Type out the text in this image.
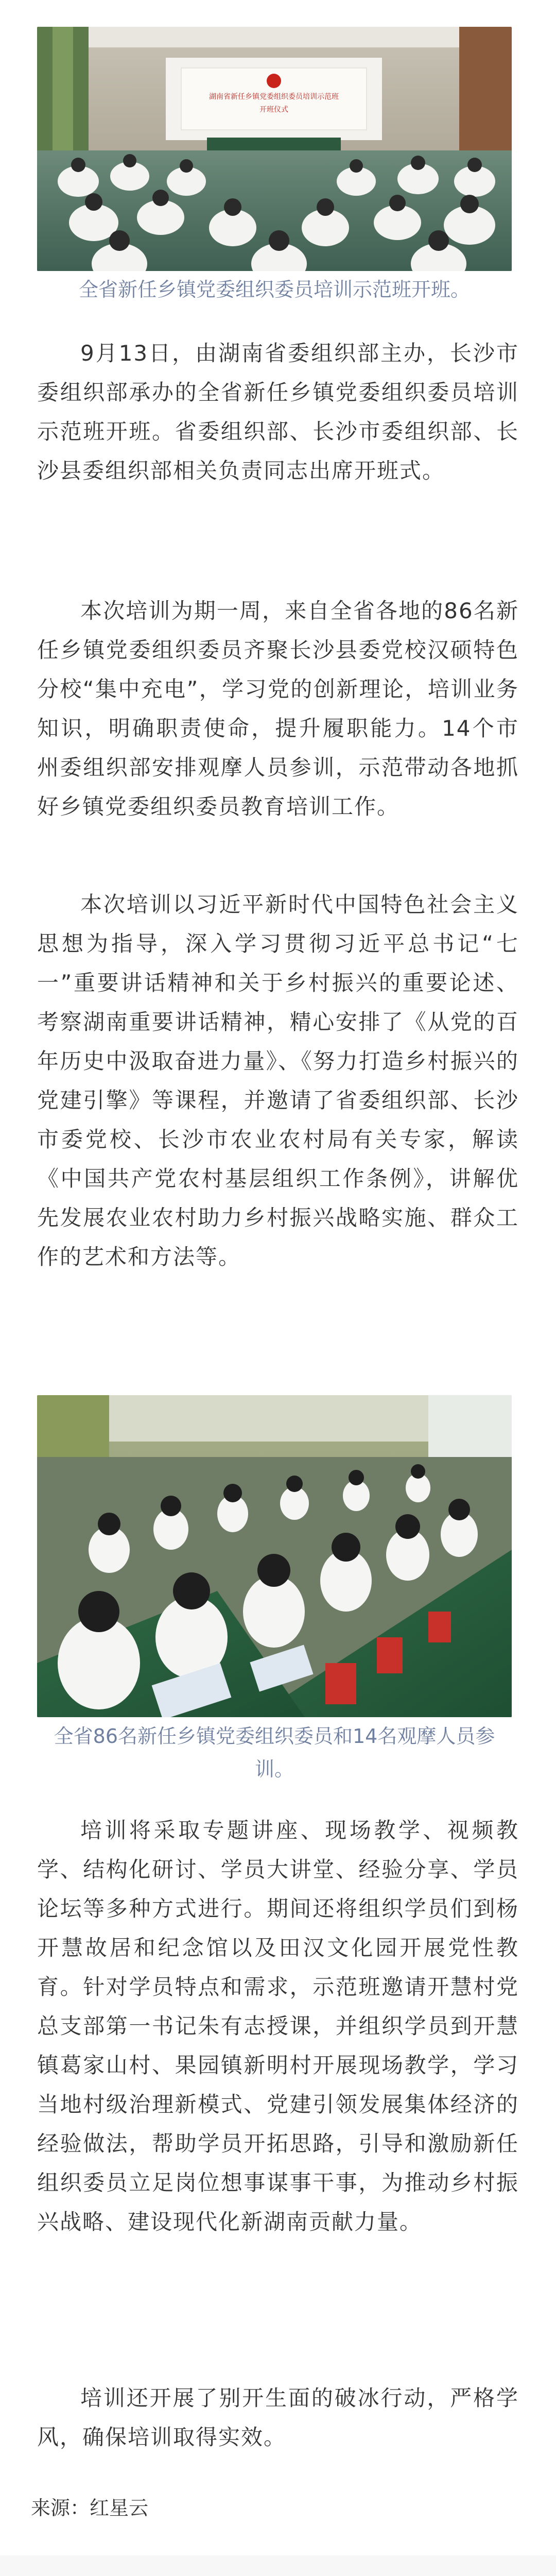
湖南省新任乡镇党委组织委员培训示范班
开班仪式
全省新任乡镇党委组织委员培训示范班开班。

9月13日，由湖南省委组织部主办，长沙市委组织部承办的全省新任乡镇党委组织委员培训示范班开班。省委组织部、长沙市委组织部、长沙县委组织部相关负责同志出席开班式。

本次培训为期一周，来自全省各地的86名新任乡镇党委组织委员齐聚长沙县委党校汉硕特色分校“集中充电”，学习党的创新理论，培训业务知识，明确职责使命，提升履职能力。14个市州委组织部安排观摩人员参训，示范带动各地抓好乡镇党委组织委员教育培训工作。

本次培训以习近平新时代中国特色社会主义思想为指导，深入学习贯彻习近平总书记“七一”重要讲话精神和关于乡村振兴的重要论述、考察湖南重要讲话精神，精心安排了《从党的百年历史中汲取奋进力量》、《努力打造乡村振兴的党建引擎》等课程，并邀请了省委组织部、长沙市委党校、长沙市农业农村局有关专家，解读《中国共产党农村基层组织工作条例》，讲解优先发展农业农村助力乡村振兴战略实施、群众工作的艺术和方法等。

全省86名新任乡镇党委组织委员和14名观摩人员参训。

培训将采取专题讲座、现场教学、视频教学、结构化研讨、学员大讲堂、经验分享、学员论坛等多种方式进行。期间还将组织学员们到杨开慧故居和纪念馆以及田汉文化园开展党性教育。针对学员特点和需求，示范班邀请开慧村党总支部第一书记朱有志授课，并组织学员到开慧镇葛家山村、果园镇新明村开展现场教学，学习当地村级治理新模式、党建引领发展集体经济的经验做法，帮助学员开拓思路，引导和激励新任组织委员立足岗位想事谋事干事，为推动乡村振兴战略、建设现代化新湖南贡献力量。

培训还开展了别开生面的破冰行动，严格学风，确保培训取得实效。

来源：红星云
